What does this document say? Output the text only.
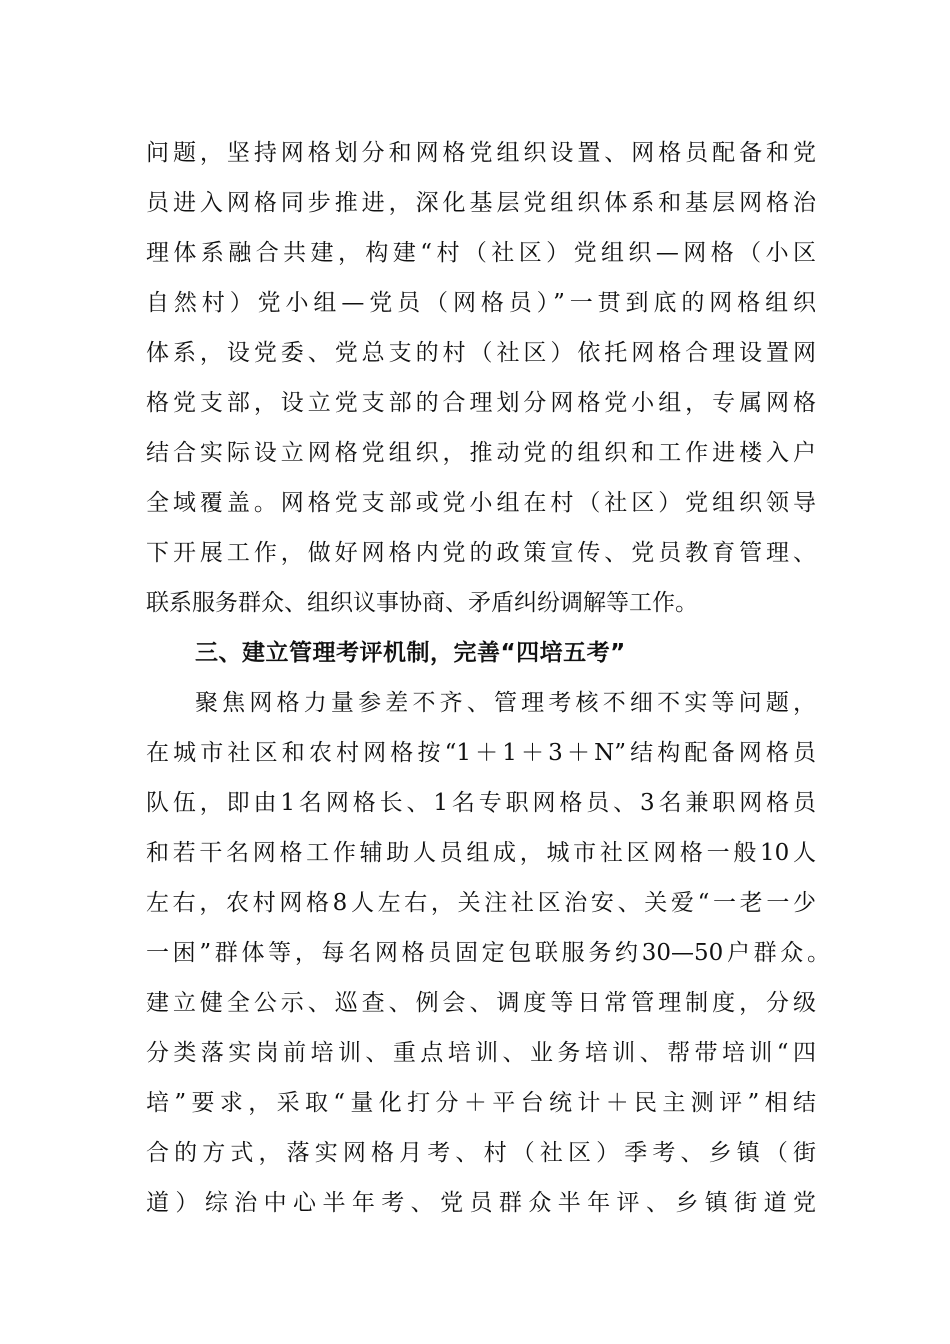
问题，坚持网格划分和网格党组织设置、网格员配备和党
员进入网格同步推进，深化基层党组织体系和基层网格治
理体系融合共建，构建“村（社区）党组织—网格（小区
自然村）党小组—党员（网格员）”一贯到底的网格组织
体系，设党委、党总支的村（社区）依托网格合理设置网
格党支部，设立党支部的合理划分网格党小组，专属网格
结合实际设立网格党组织，推动党的组织和工作进楼入户
全域覆盖。网格党支部或党小组在村（社区）党组织领导
下开展工作，做好网格内党的政策宣传、党员教育管理、
联系服务群众、组织议事协商、矛盾纠纷调解等工作。
三、建立管理考评机制，完善“四培五考”
聚焦网格力量参差不齐、管理考核不细不实等问题，
在城市社区和农村网格按“1＋1＋3＋N”结构配备网格员
队伍，即由1名网格长、1名专职网格员、3名兼职网格员
和若干名网格工作辅助人员组成，城市社区网格一般10人
左右，农村网格8人左右，关注社区治安、关爱“一老一少
一困”群体等，每名网格员固定包联服务约30—50户群众。
建立健全公示、巡查、例会、调度等日常管理制度，分级
分类落实岗前培训、重点培训、业务培训、帮带培训“四
培”要求，采取“量化打分＋平台统计＋民主测评”相结
合的方式，落实网格月考、村（社区）季考、乡镇（街
道）综治中心半年考、党员群众半年评、乡镇街道党
